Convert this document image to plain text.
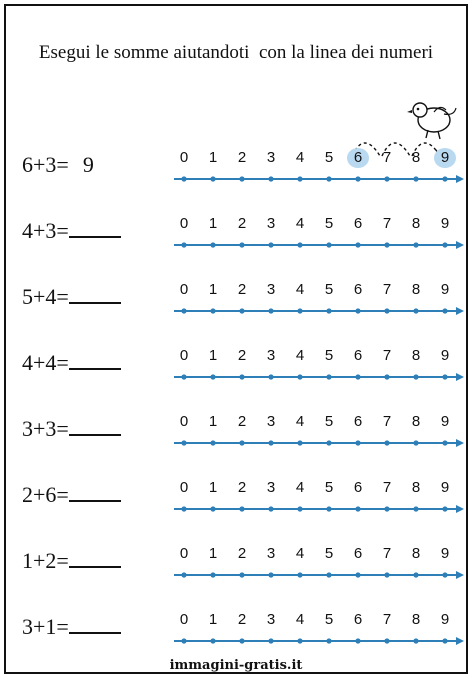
Esegui le somme aiutandoti  con la linea dei numeri
6+3= 9	0	1	2	3	4	5	6	7	8	9
4+3=	0	1	2	3	4	5	6	7	8	9
5+4=	0	1	2	3	4	5	6	7	8	9
4+4=	0	1	2	3	4	5	6	7	8	9
3+3=	0	1	2	3	4	5	6	7	8	9
2+6=	0	1	2	3	4	5	6	7	8	9
1+2=	0	1	2	3	4	5	6	7	8	9
3+1=	0	1	2	3	4	5	6	7	8	9
immagini-gratis.it
